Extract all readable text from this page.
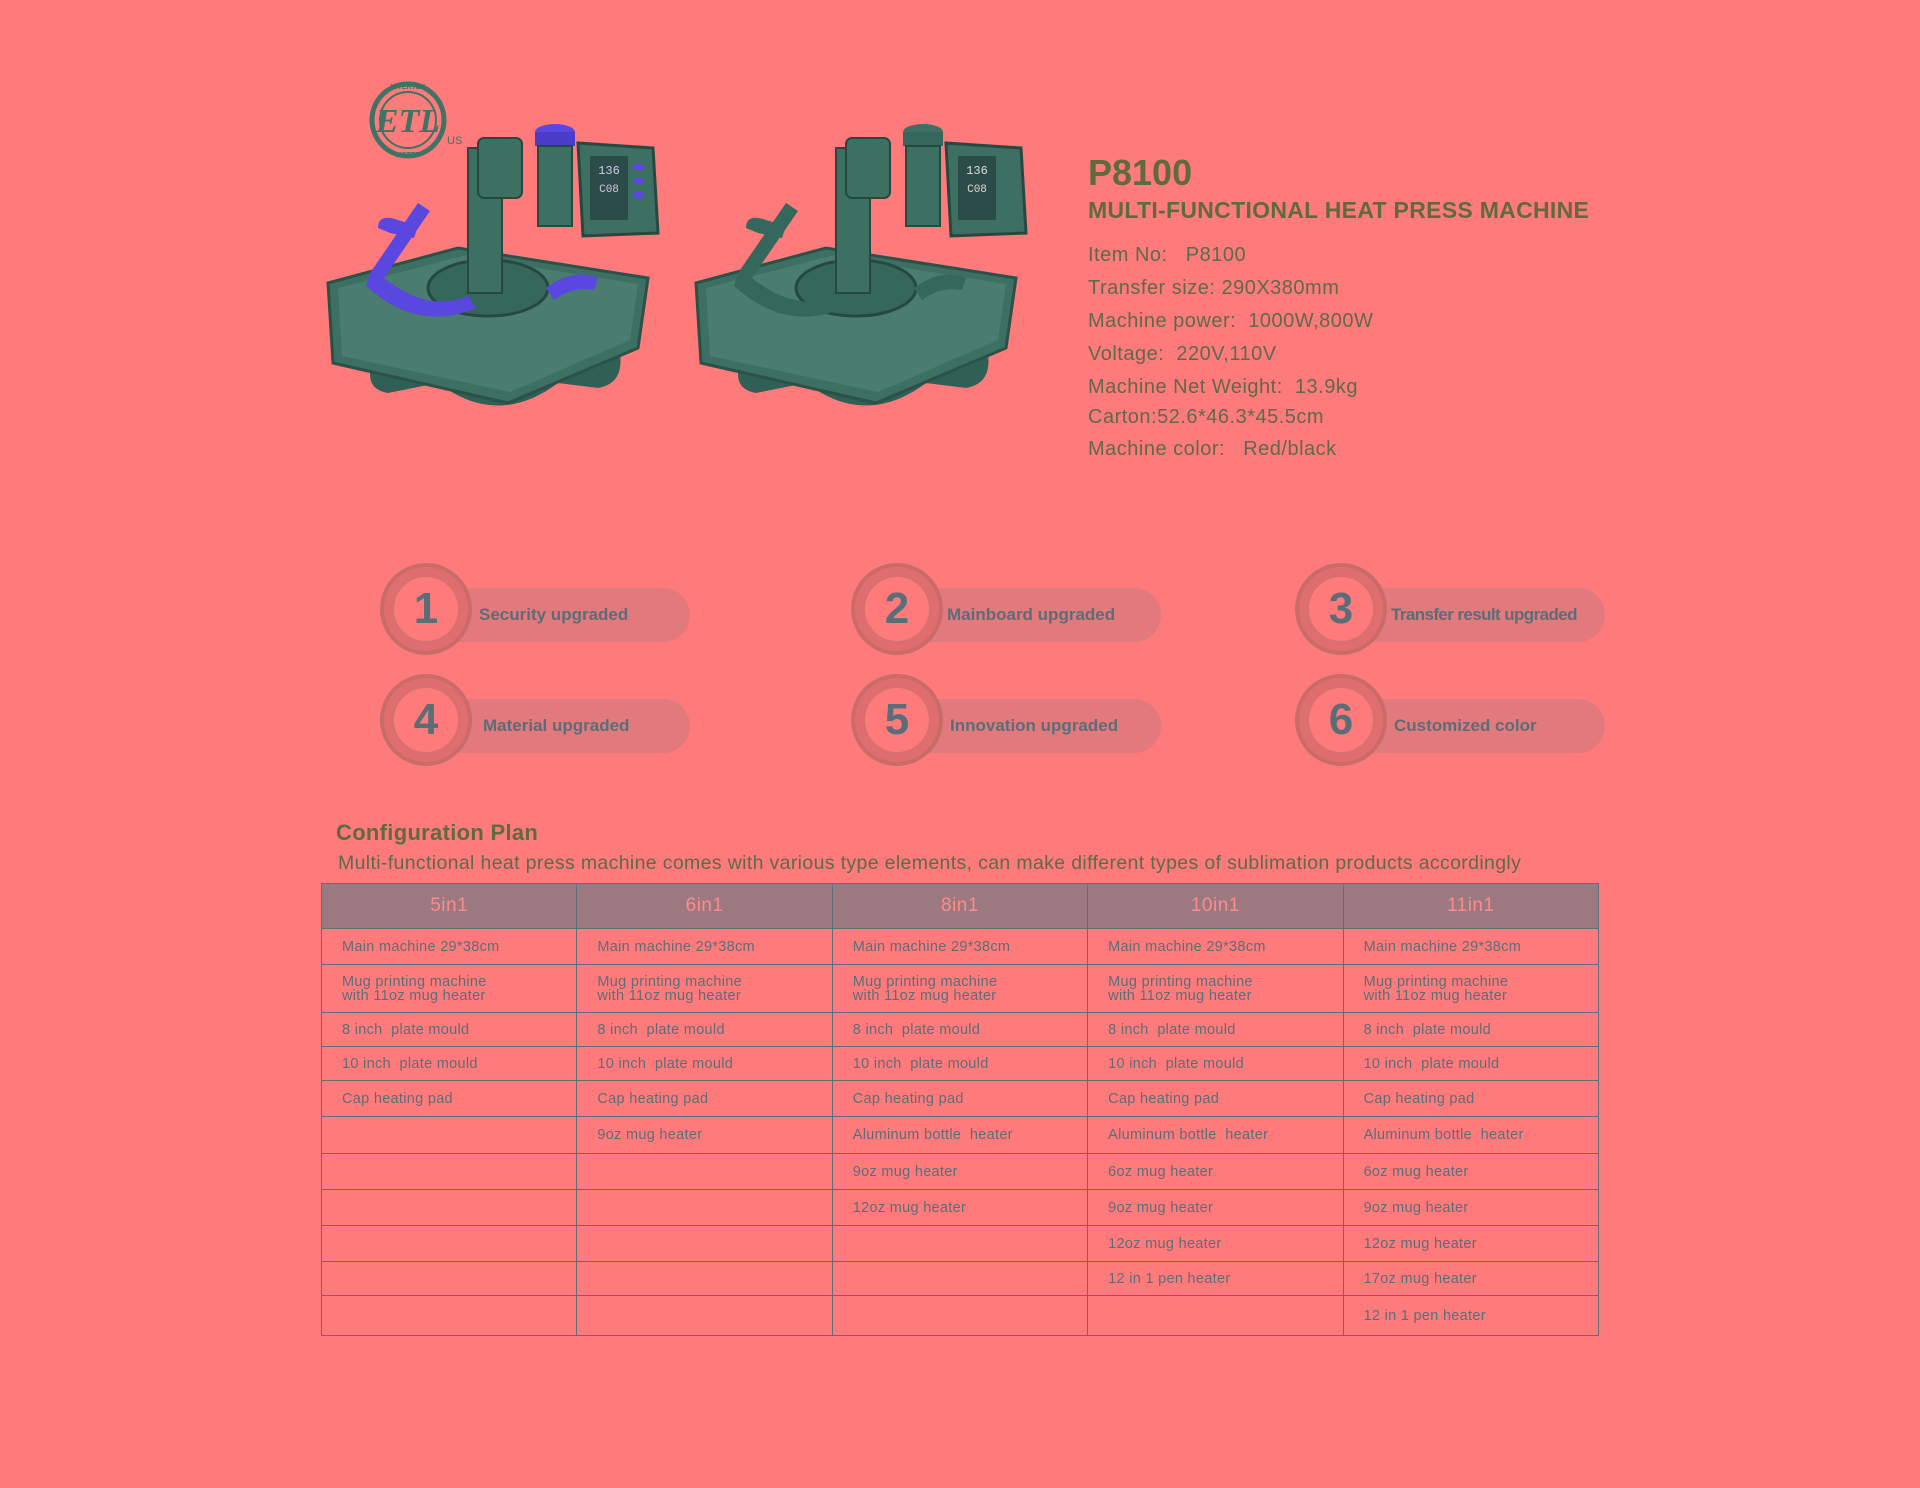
ETL
INTERTEK
LISTED
US
136
C08
136
C08	P8100
MULTI-FUNCTIONAL HEAT PRESS MACHINE
Item No:   P8100
Transfer size: 290X380mm
Machine power:  1000W,800W
Voltage:  220V,110V
Machine Net Weight:  13.9kg
Carton:52.6*46.3*45.5cm
Machine color:   Red/black
1	Security upgraded	2	Mainboard upgraded	3	Transfer result upgraded
4	Material upgraded	5	Innovation upgraded	6	Customized color
Configuration Plan
Multi-functional heat press machine comes with various type elements, can make different types of sublimation products accordingly
5in1	6in1	8in1	10in1	11in1
Main machine 29*38cm	Main machine 29*38cm	Main machine 29*38cm	Main machine 29*38cm	Main machine 29*38cm
Mug printing machine
with 11oz mug heater	Mug printing machine
with 11oz mug heater	Mug printing machine
with 11oz mug heater	Mug printing machine
with 11oz mug heater	Mug printing machine
with 11oz mug heater
8 inch  plate mould	8 inch  plate mould	8 inch  plate mould	8 inch  plate mould	8 inch  plate mould
10 inch  plate mould	10 inch  plate mould	10 inch  plate mould	10 inch  plate mould	10 inch  plate mould
Cap heating pad	Cap heating pad	Cap heating pad	Cap heating pad	Cap heating pad
	9oz mug heater	Aluminum bottle  heater	Aluminum bottle  heater	Aluminum bottle  heater
		9oz mug heater	6oz mug heater	6oz mug heater
		12oz mug heater	9oz mug heater	9oz mug heater
			12oz mug heater	12oz mug heater
			12 in 1 pen heater	17oz mug heater
				12 in 1 pen heater
